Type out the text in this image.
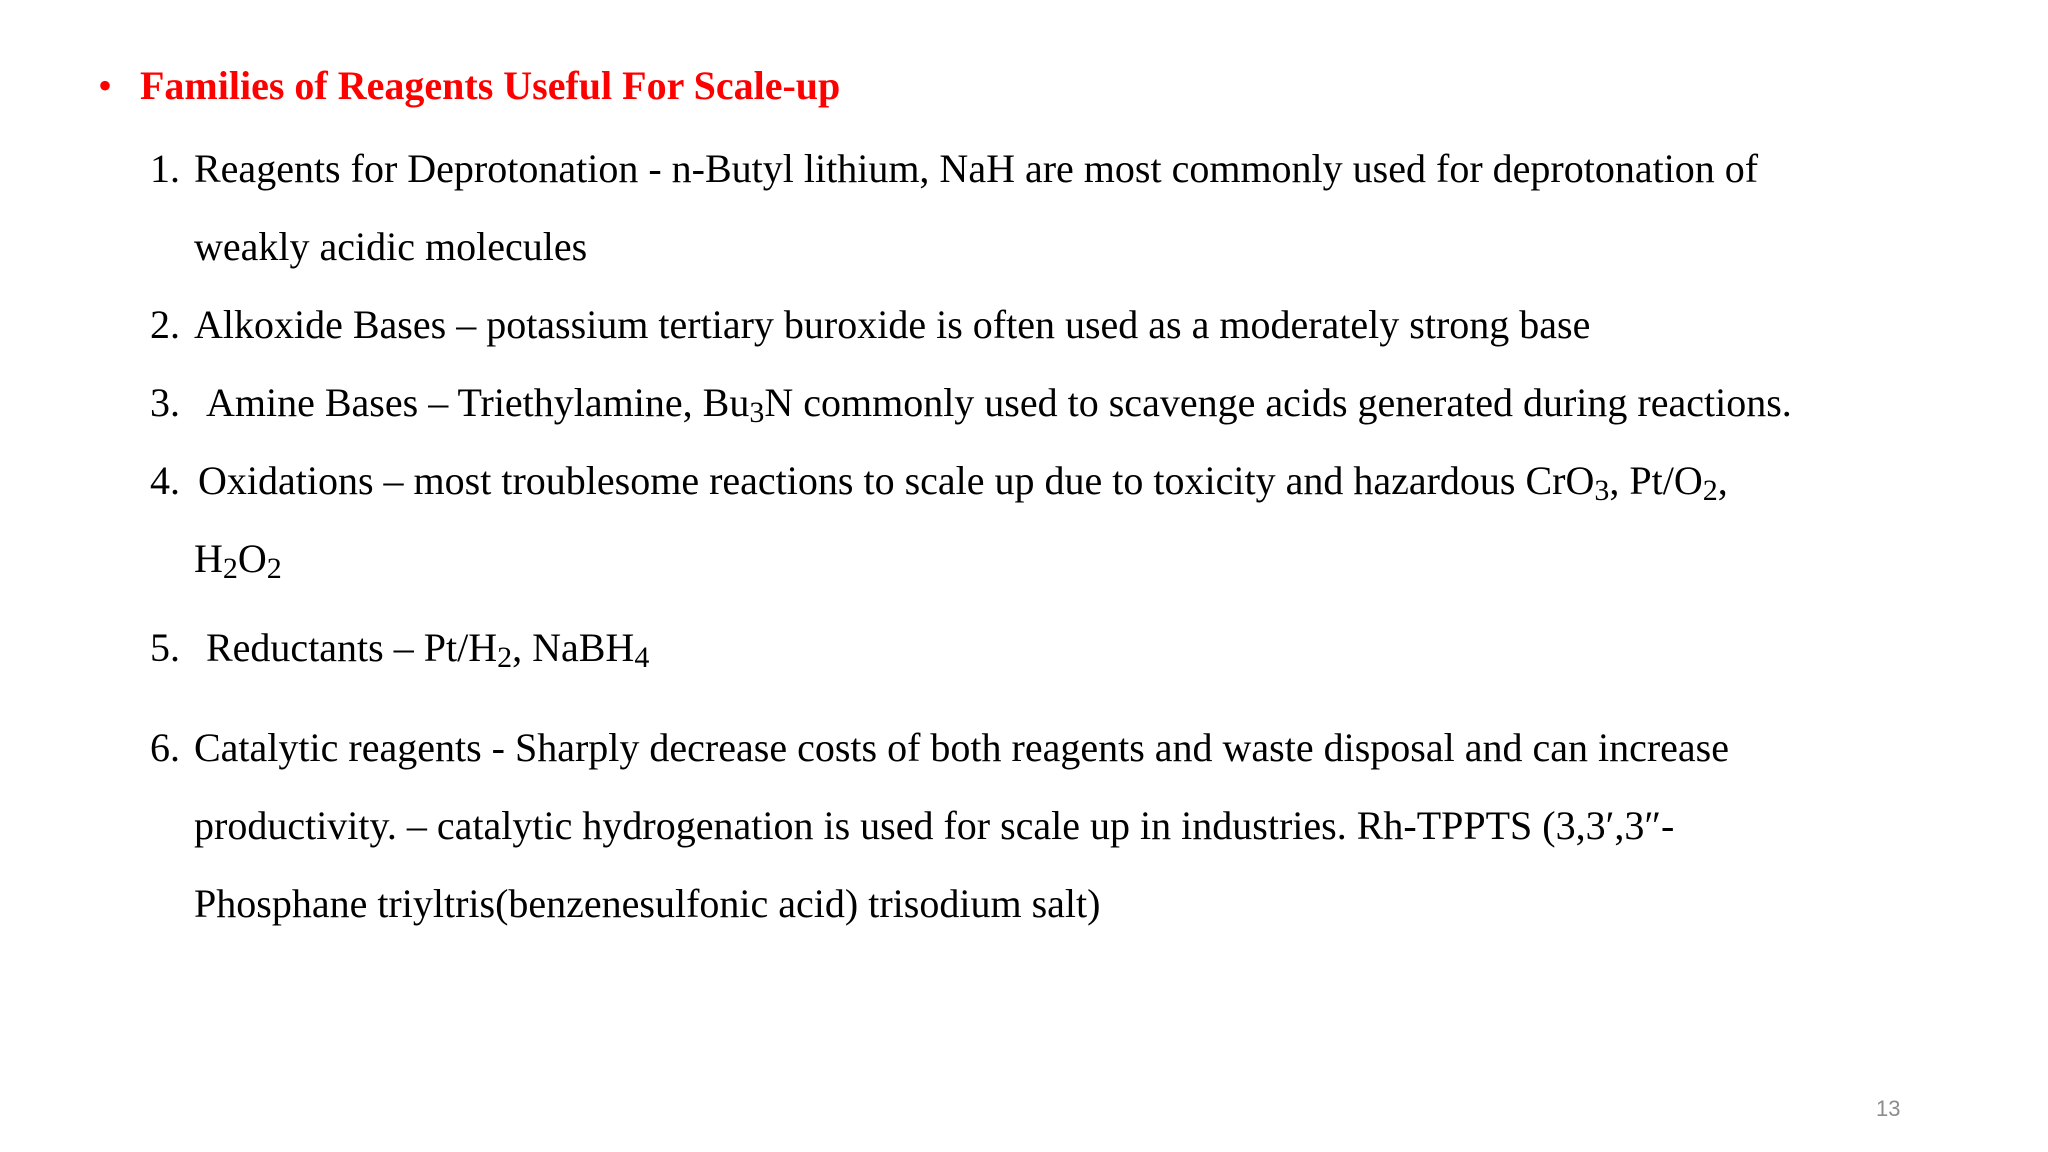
• Families of Reagents Useful For Scale-up
1. Reagents for Deprotonation - n-Butyl lithium, NaH are most commonly used for deprotonation of
weakly acidic molecules
2. Alkoxide Bases – potassium tertiary buroxide is often used as a moderately strong base
3. Amine Bases – Triethylamine, $Bu_3N$ commonly used to scavenge acids generated during reactions.
4. Oxidations – most troublesome reactions to scale up due to toxicity and hazardous CrO$_3$, $Pt/O_2$,
$H_2O_2$
5. Reductants – $Pt/H_2$, NaBH$_4$
6. Catalytic reagents - Sharply decrease costs of both reagents and waste disposal and can increase
productivity. – catalytic hydrogenation is used for scale up in industries. Rh-TPPTS (3,3′,3″-
Phosphane triyltris(benzenesulfonic acid) trisodium salt)
13
